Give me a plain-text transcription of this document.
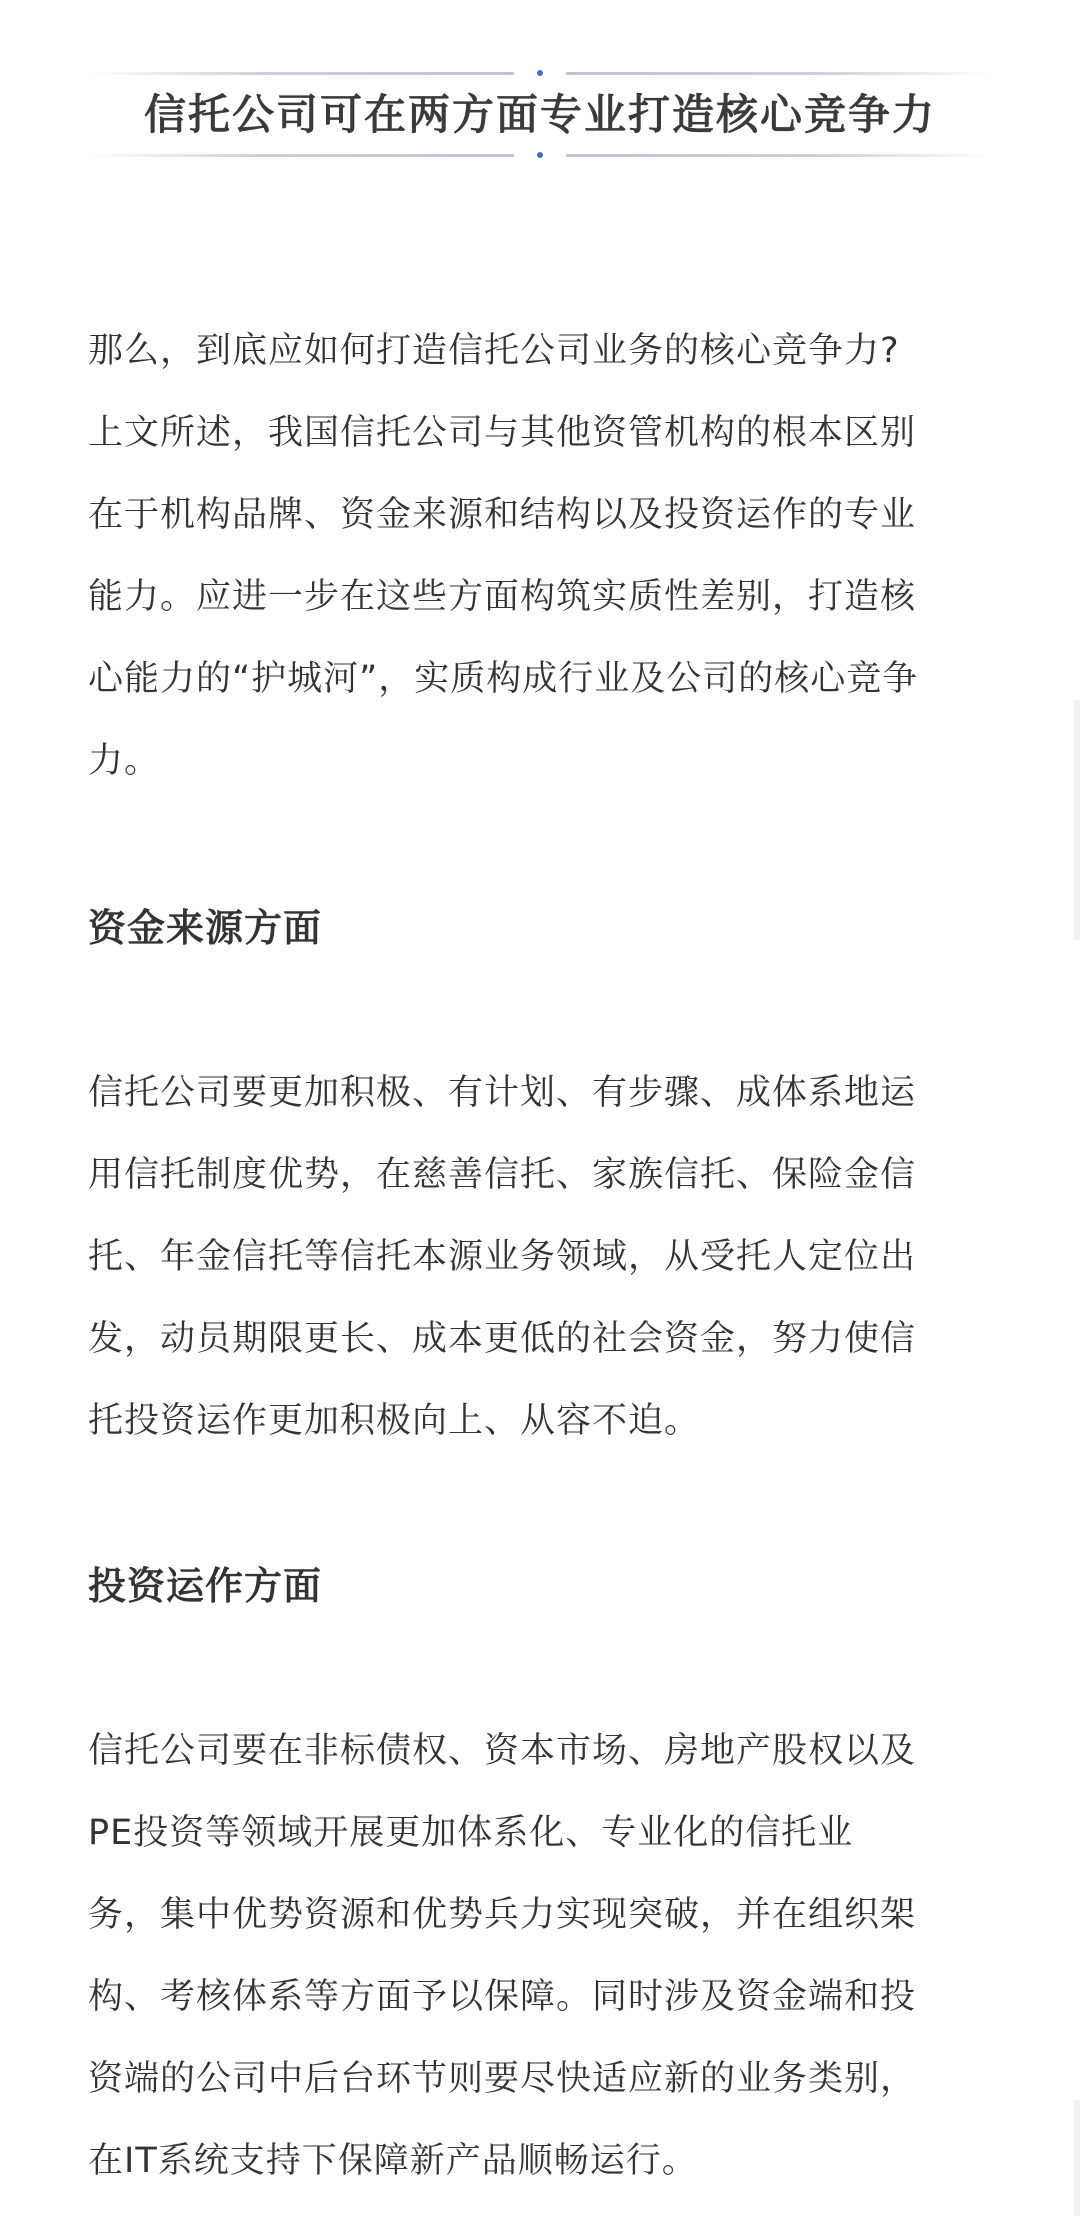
信托公司可在两方面专业打造核心竞争力

那么，到底应如何打造信托公司业务的核心竞争力?
上文所述，我国信托公司与其他资管机构的根本区别
在于机构品牌、资金来源和结构以及投资运作的专业
能力。应进一步在这些方面构筑实质性差别，打造核
心能力的“护城河”，实质构成行业及公司的核心竞争
力。

资金来源方面

信托公司要更加积极、有计划、有步骤、成体系地运
用信托制度优势，在慈善信托、家族信托、保险金信
托、年金信托等信托本源业务领域，从受托人定位出
发，动员期限更长、成本更低的社会资金，努力使信
托投资运作更加积极向上、从容不迫。

投资运作方面

信托公司要在非标债权、资本市场、房地产股权以及
PE投资等领域开展更加体系化、专业化的信托业
务，集中优势资源和优势兵力实现突破，并在组织架
构、考核体系等方面予以保障。同时涉及资金端和投
资端的公司中后台环节则要尽快适应新的业务类别，
在IT系统支持下保障新产品顺畅运行。
